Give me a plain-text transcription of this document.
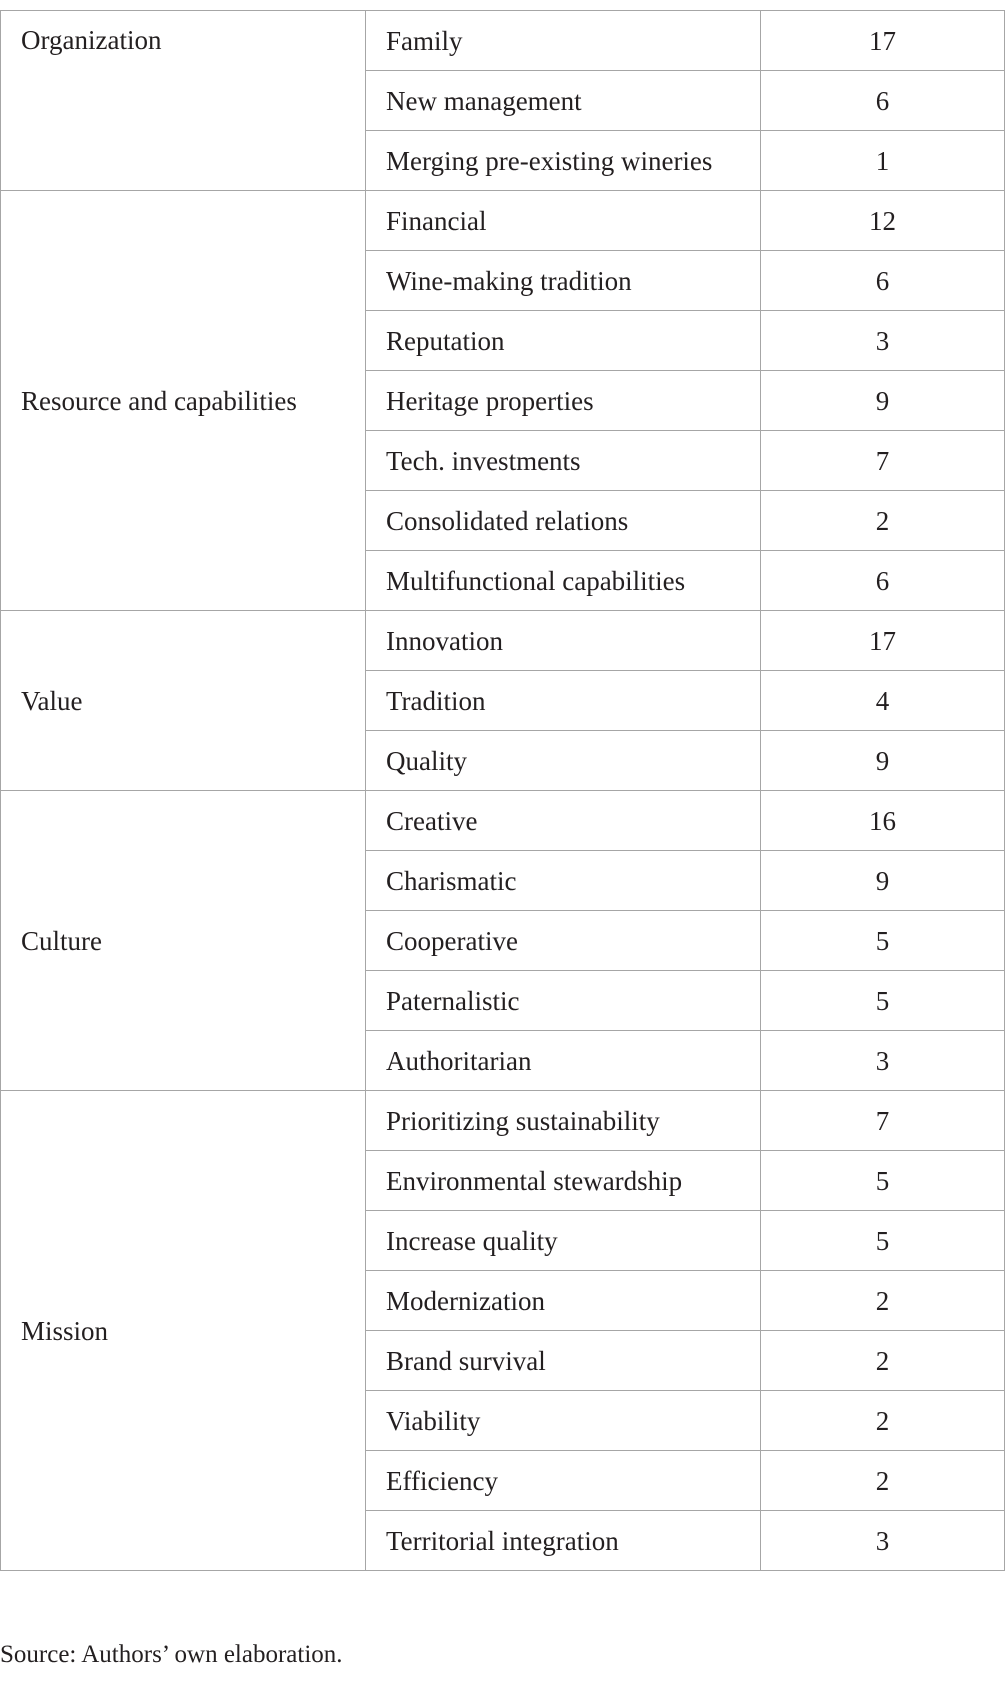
Organization	Family	17
	New management	6
	Merging pre-existing wineries	1
Resource and capabilities	Financial	12
	Wine-making tradition	6
	Reputation	3
	Heritage properties	9
	Tech. investments	7
	Consolidated relations	2
	Multifunctional capabilities	6
Value	Innovation	17
	Tradition	4
	Quality	9
Culture	Creative	16
	Charismatic	9
	Cooperative	5
	Paternalistic	5
	Authoritarian	3
Mission	Prioritizing sustainability	7
	Environmental stewardship	5
	Increase quality	5
	Modernization	2
	Brand survival	2
	Viability	2
	Efficiency	2
	Territorial integration	3
Source: Authors’ own elaboration.
